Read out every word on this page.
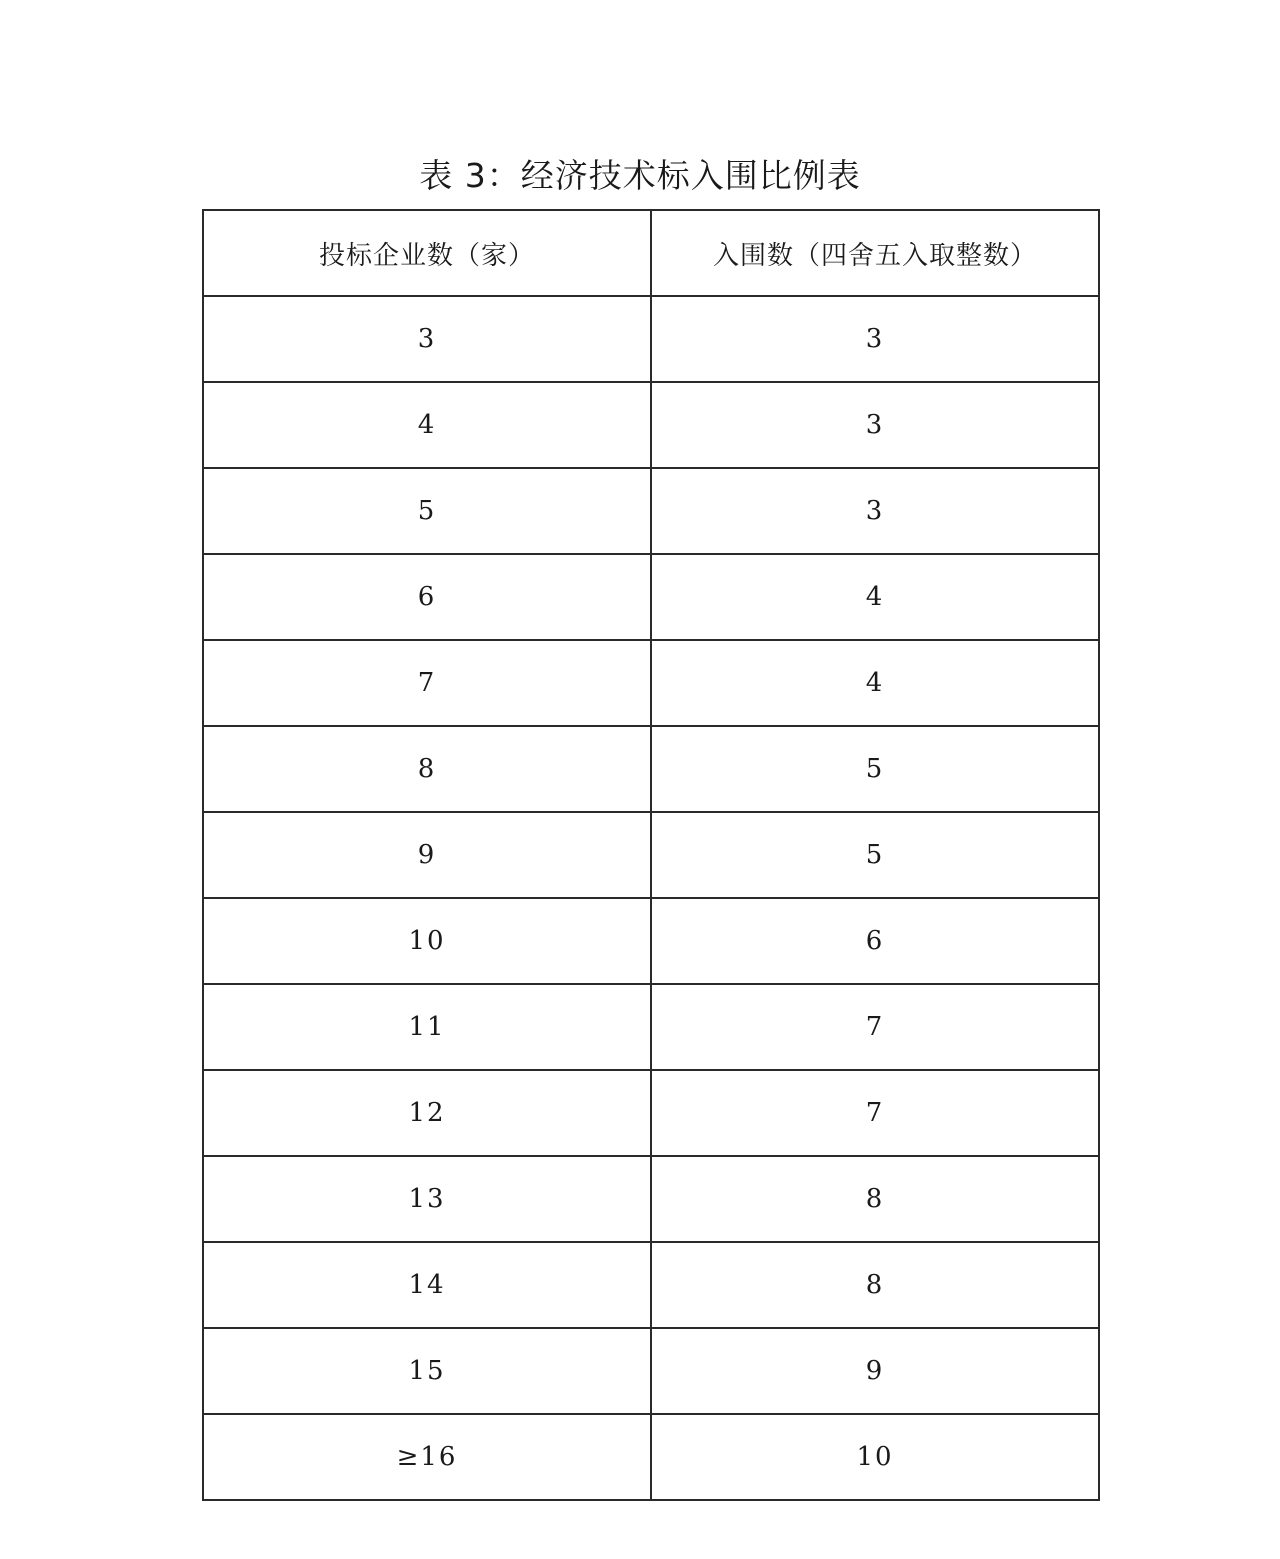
表 3：经济技术标入围比例表
投标企业数（家）	入围数（四舍五入取整数）
3	3
4	3
5	3
6	4
7	4
8	5
9	5
10	6
11	7
12	7
13	8
14	8
15	9
≥16	10
